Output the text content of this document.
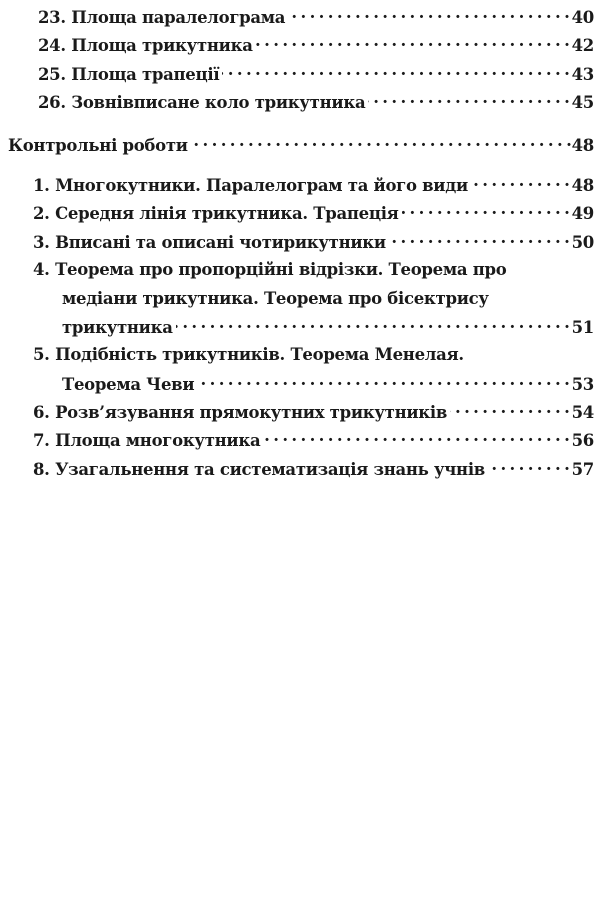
23. Площа паралелограма . . .	40
24. Площа трикутника . . .	42
25. Площа трапеції . . .	43
26. Зовнівписане коло трикутника . . .	45
Контрольні роботи . . .	48
1. Многокутники. Паралелограм та його види . . .	48
2. Середня лінія трикутника. Трапеція . . .	49
3. Вписані та описані чотирикутники . . .	50
4. Теорема про пропорційні відрізки. Теорема про
медіани трикутника. Теорема про бісектрису
трикутника . . .	51
5. Подібність трикутників. Теорема Менелая.
Теорема Чеви . . .	53
6. Розв’язування прямокутних трикутників . . .	54
7. Площа многокутника . . .	56
8. Узагальнення та систематизація знань учнів . . .	57
